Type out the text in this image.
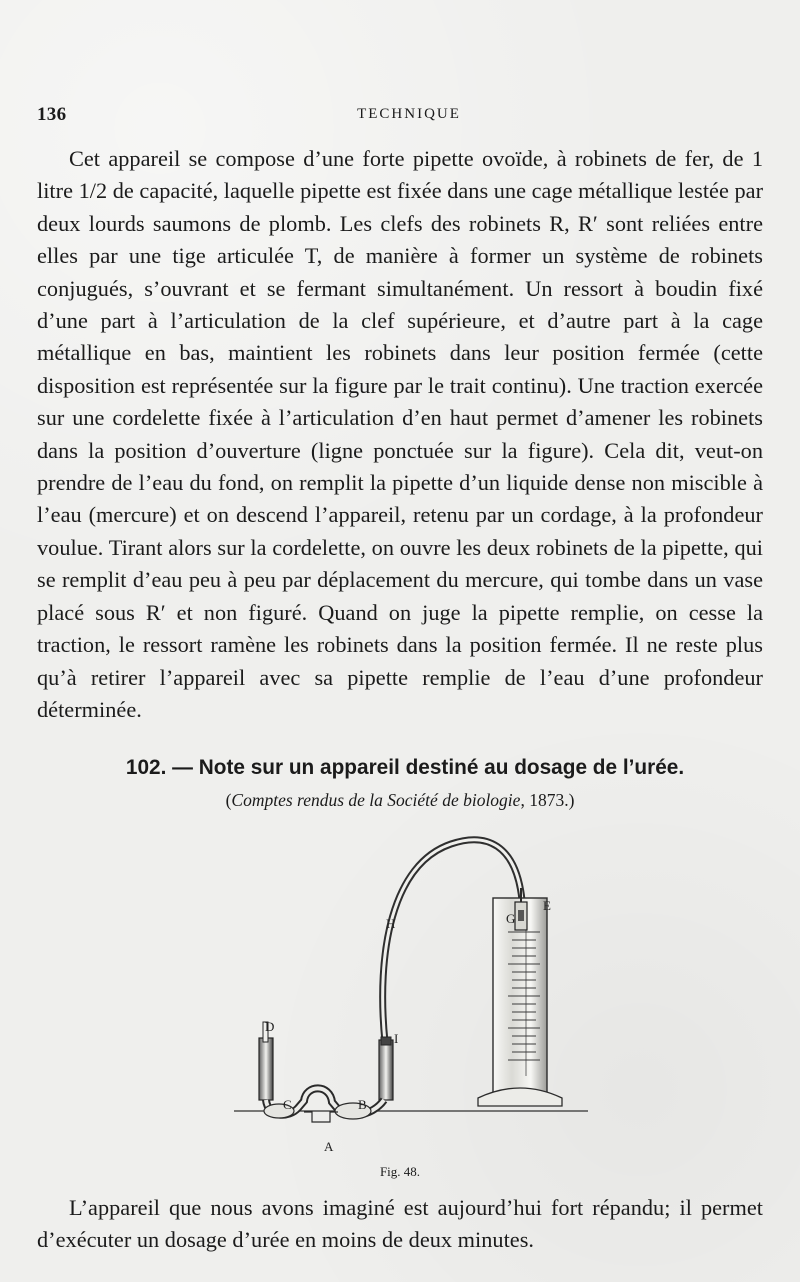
136	TECHNIQUE

Cet appareil se compose d’une forte pipette ovoïde, à robinets de fer, de 1 litre 1/2 de capacité, laquelle pipette est fixée dans une cage métallique lestée par deux lourds saumons de plomb. Les clefs des robinets R, R′ sont reliées entre elles par une tige articulée T, de manière à former un système de robinets conjugués, s’ouvrant et se fermant simultanément. Un ressort à boudin fixé d’une part à l’articulation de la clef supérieure, et d’autre part à la cage métallique en bas, maintient les robinets dans leur position fermée (cette disposition est représentée sur la figure par le trait continu). Une traction exercée sur une cordelette fixée à l’articulation d’en haut permet d’amener les robinets dans la position d’ouverture (ligne ponctuée sur la figure). Cela dit, veut-on prendre de l’eau du fond, on remplit la pipette d’un liquide dense non miscible à l’eau (mercure) et on descend l’appareil, retenu par un cordage, à la profondeur voulue. Tirant alors sur la cordelette, on ouvre les deux robinets de la pipette, qui se remplit d’eau peu à peu par déplacement du mercure, qui tombe dans un vase placé sous R′ et non figuré. Quand on juge la pipette remplie, on cesse la traction, le ressort ramène les robinets dans la position fermée. Il ne reste plus qu’à retirer l’appareil avec sa pipette remplie de l’eau d’une profondeur déterminée.

102. — Note sur un appareil destiné au dosage de l’urée.
(Comptes rendus de la Société de biologie, 1873.)
D
H
I
C	B
A
E
G
Fig. 48.

L’appareil que nous avons imaginé est aujourd’hui fort répandu; il permet d’exécuter un dosage d’urée en moins de deux minutes.
